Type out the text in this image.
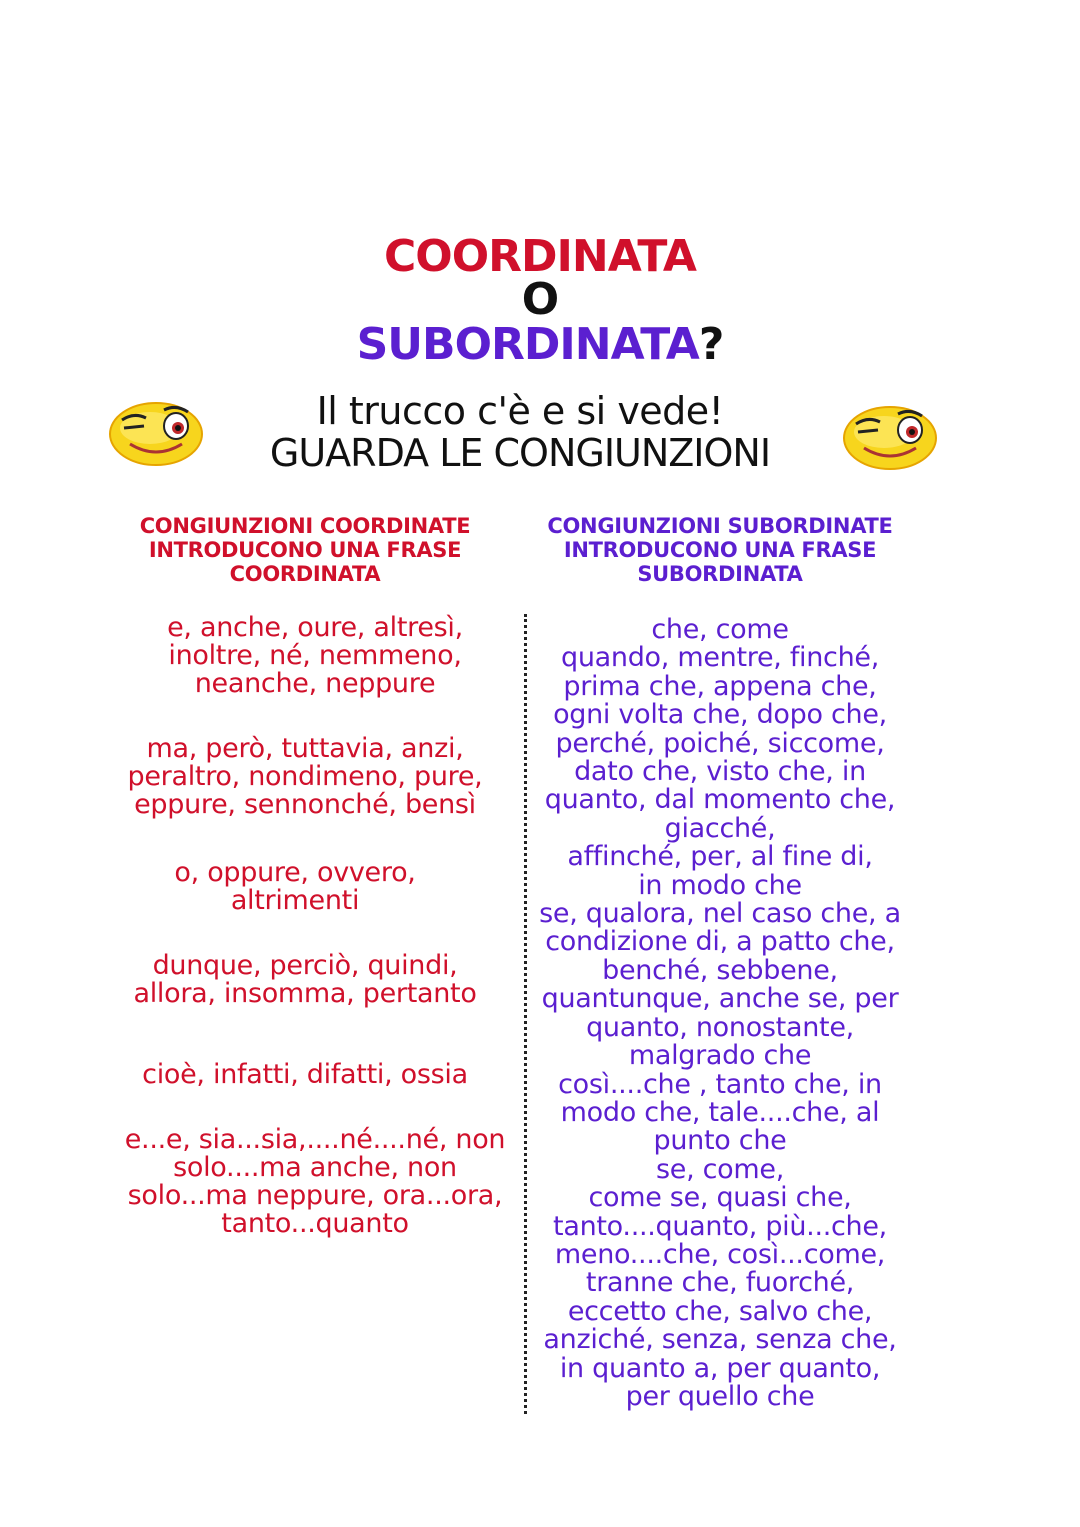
COORDINATA
O
SUBORDINATA?
Il trucco c'è e si vede!
GUARDA LE CONGIUNZIONI
CONGIUNZIONI COORDINATE
INTRODUCONO UNA FRASE
COORDINATA
CONGIUNZIONI SUBORDINATE
INTRODUCONO UNA FRASE
SUBORDINATA
e, anche, oure, altresì,
inoltre, né, nemmeno,
neanche, neppure
ma, però, tuttavia, anzi,
peraltro, nondimeno, pure,
eppure, sennonché, bensì
o, oppure, ovvero,
altrimenti
dunque, perciò, quindi,
allora, insomma, pertanto
cioè, infatti, difatti, ossia
e...e, sia...sia,....né....né, non
solo....ma anche, non
solo...ma neppure, ora...ora,
tanto...quanto
che, come
quando, mentre, finché,
prima che, appena che,
ogni volta che, dopo che,
perché, poiché, siccome,
dato che, visto che, in
quanto, dal momento che,
giacché,
affinché, per, al fine di,
in modo che
se, qualora, nel caso che, a
condizione di, a patto che,
benché, sebbene,
quantunque, anche se, per
quanto, nonostante,
malgrado che
così....che , tanto che, in
modo che, tale....che, al
punto che
se, come,
come se, quasi che,
tanto....quanto, più...che,
meno....che, così...come,
tranne che, fuorché,
eccetto che, salvo che,
anziché, senza, senza che,
in quanto a, per quanto,
per quello che
